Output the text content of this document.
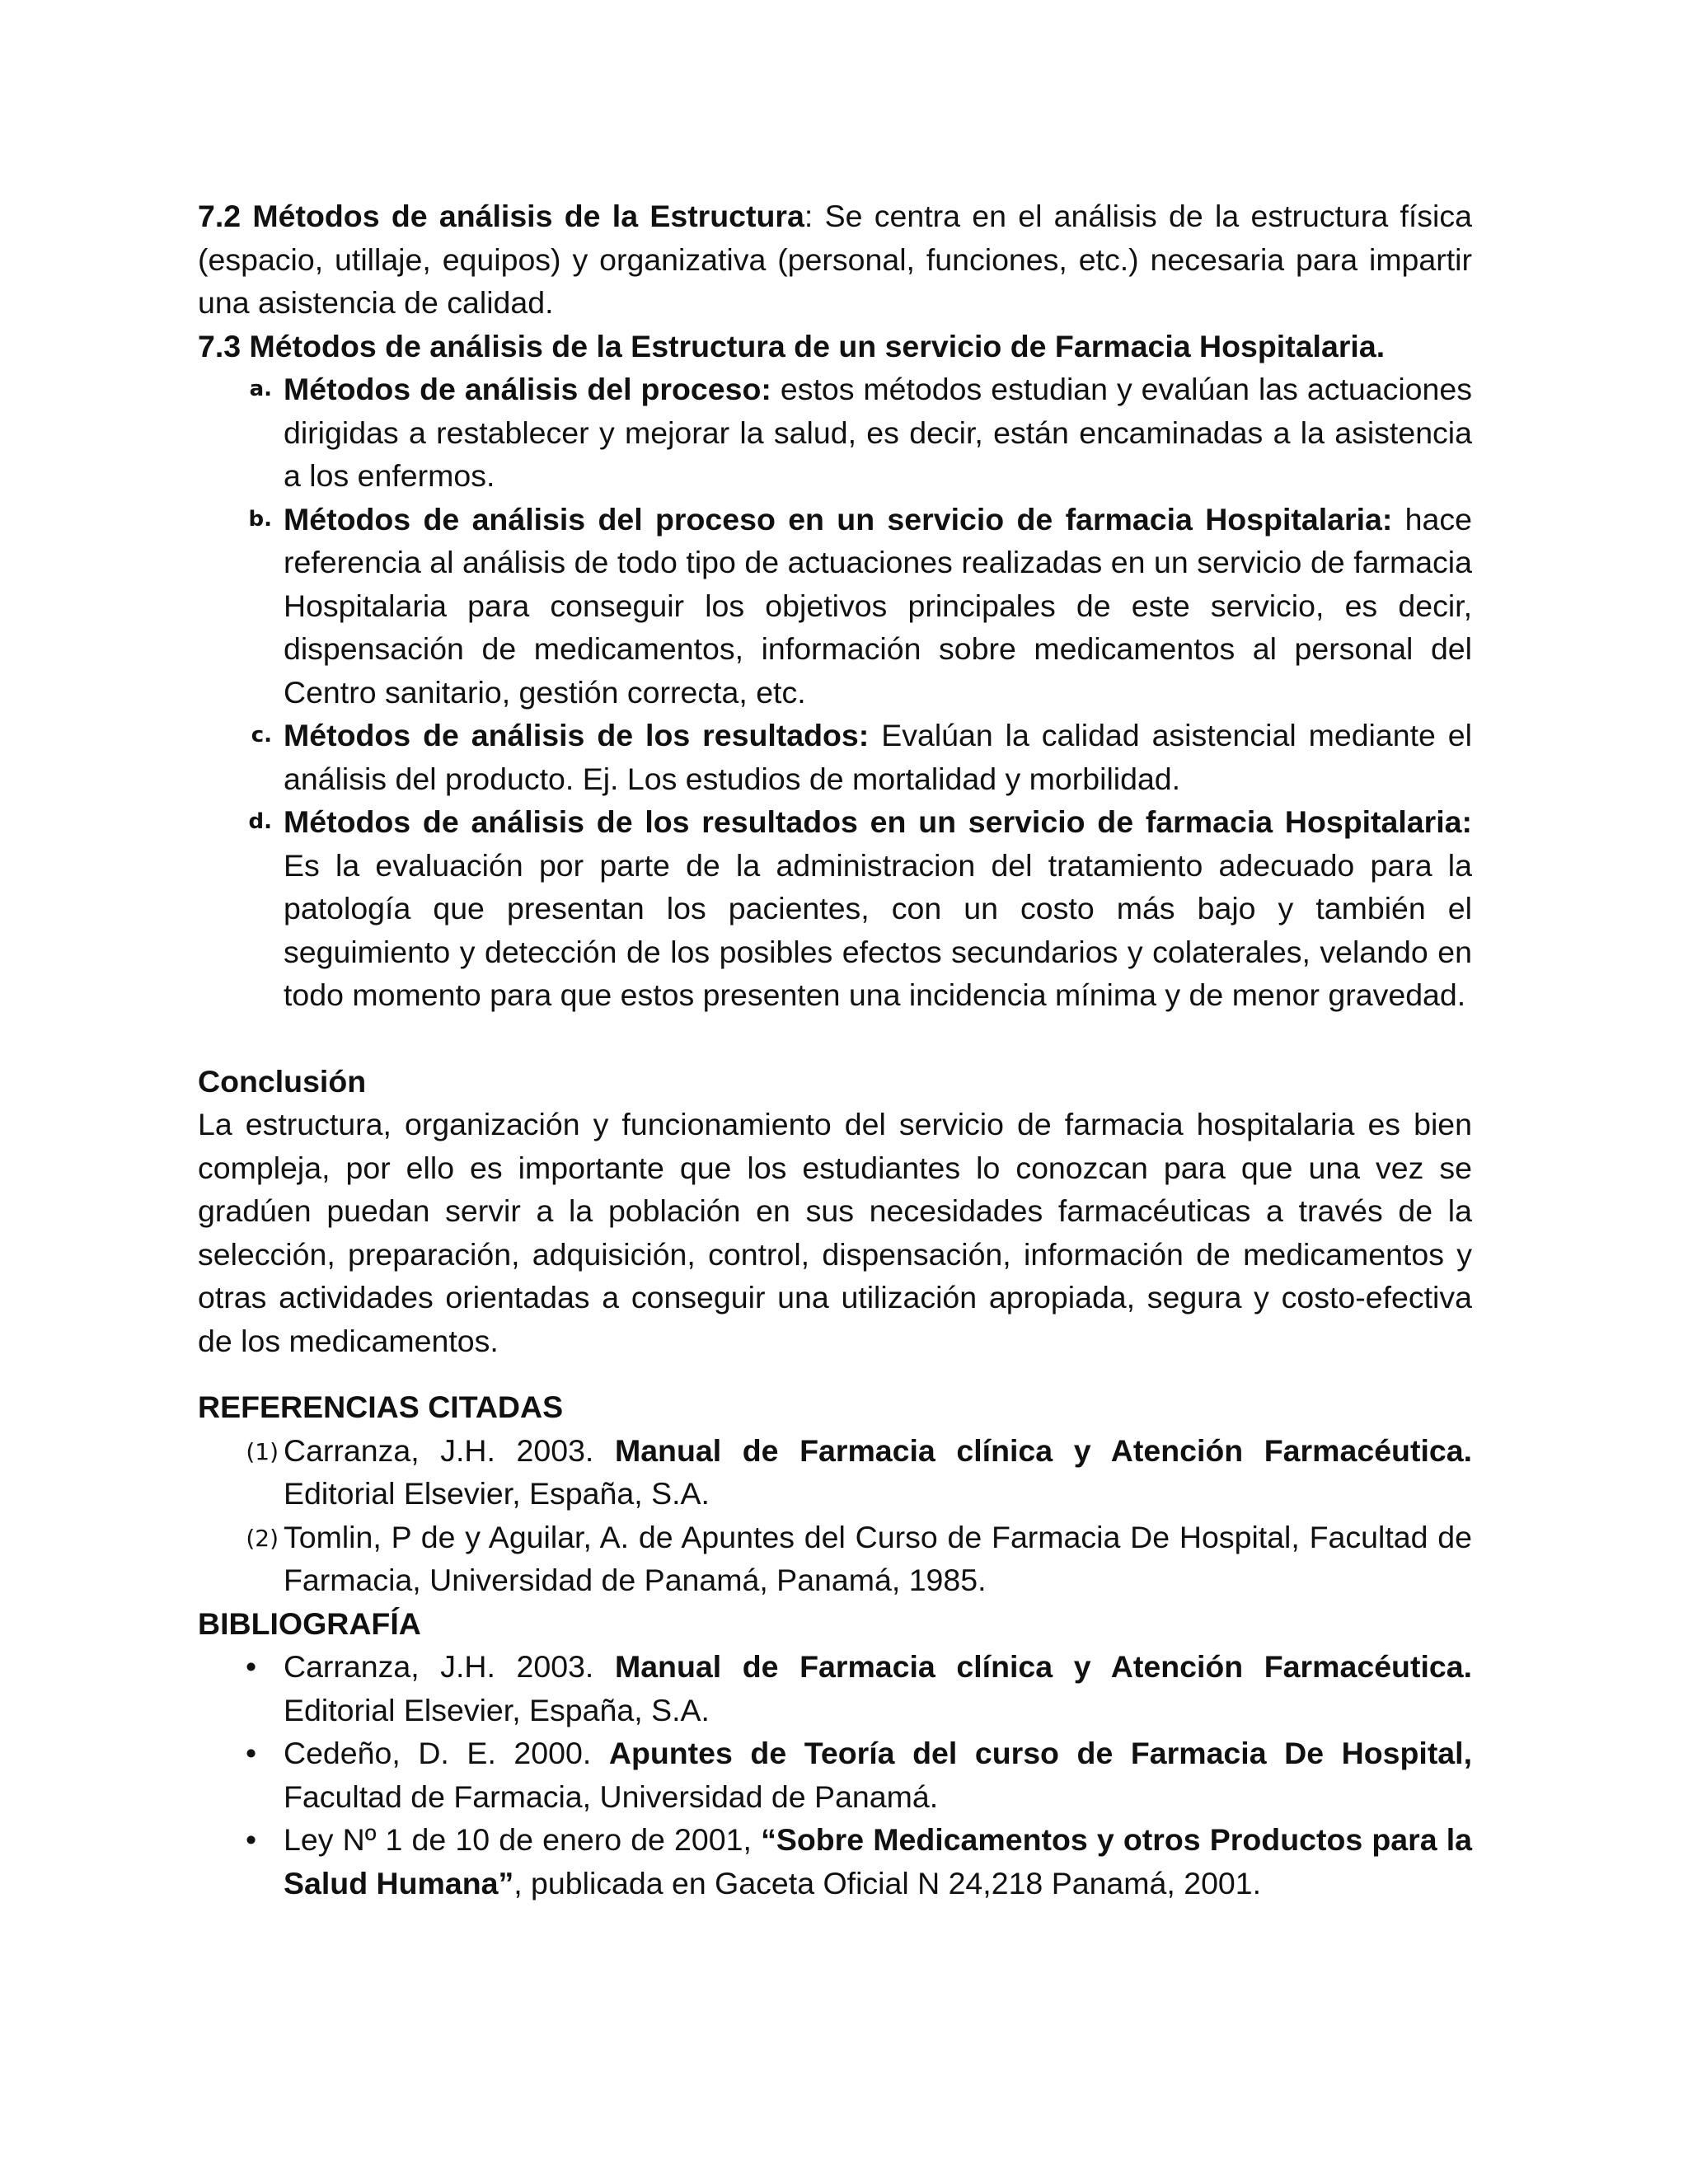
7.2 Métodos de análisis de la Estructura: Se centra en el análisis de la estructura física (espacio, utillaje, equipos) y organizativa (personal, funciones, etc.) necesaria para impartir una asistencia de calidad.

7.3 Métodos de análisis de la Estructura de un servicio de Farmacia Hospitalaria.

a. Métodos de análisis del proceso: estos métodos estudian y evalúan las actuaciones dirigidas a restablecer y mejorar la salud, es decir, están encaminadas a la asistencia a los enfermos.
b. Métodos de análisis del proceso en un servicio de farmacia Hospitalaria: hace referencia al análisis de todo tipo de actuaciones realizadas en un servicio de farmacia Hospitalaria para conseguir los objetivos principales de este servicio, es decir, dispensación de medicamentos, información sobre medicamentos al personal del Centro sanitario, gestión correcta, etc.
c. Métodos de análisis de los resultados: Evalúan la calidad asistencial mediante el análisis del producto. Ej. Los estudios de mortalidad y morbilidad.
d. Métodos de análisis de los resultados en un servicio de farmacia Hospitalaria: Es la evaluación por parte de la administracion del tratamiento adecuado para la patología que presentan los pacientes, con un costo más bajo y también el seguimiento y detección de los posibles efectos secundarios y colaterales, velando en todo momento para que estos presenten una incidencia mínima y de menor gravedad.

Conclusión

La estructura, organización y funcionamiento del servicio de farmacia hospitalaria es bien compleja, por ello es importante que los estudiantes lo conozcan para que una vez se gradúen puedan servir a la población en sus necesidades farmacéuticas a través de la selección, preparación, adquisición, control, dispensación, información de medicamentos y otras actividades orientadas a conseguir una utilización apropiada, segura y costo-efectiva de los medicamentos.

REFERENCIAS CITADAS

(1) Carranza, J.H. 2003. Manual de Farmacia clínica y Atención Farmacéutica. Editorial Elsevier, España, S.A.
(2) Tomlin, P de y Aguilar, A. de Apuntes del Curso de Farmacia De Hospital, Facultad de Farmacia, Universidad de Panamá, Panamá, 1985.

BIBLIOGRAFÍA

• Carranza, J.H. 2003. Manual de Farmacia clínica y Atención Farmacéutica. Editorial Elsevier, España, S.A.
• Cedeño, D. E. 2000. Apuntes de Teoría del curso de Farmacia De Hospital, Facultad de Farmacia, Universidad de Panamá.
• Ley Nº 1 de 10 de enero de 2001, “Sobre Medicamentos y otros Productos para la Salud Humana”, publicada en Gaceta Oficial N 24,218 Panamá, 2001.
